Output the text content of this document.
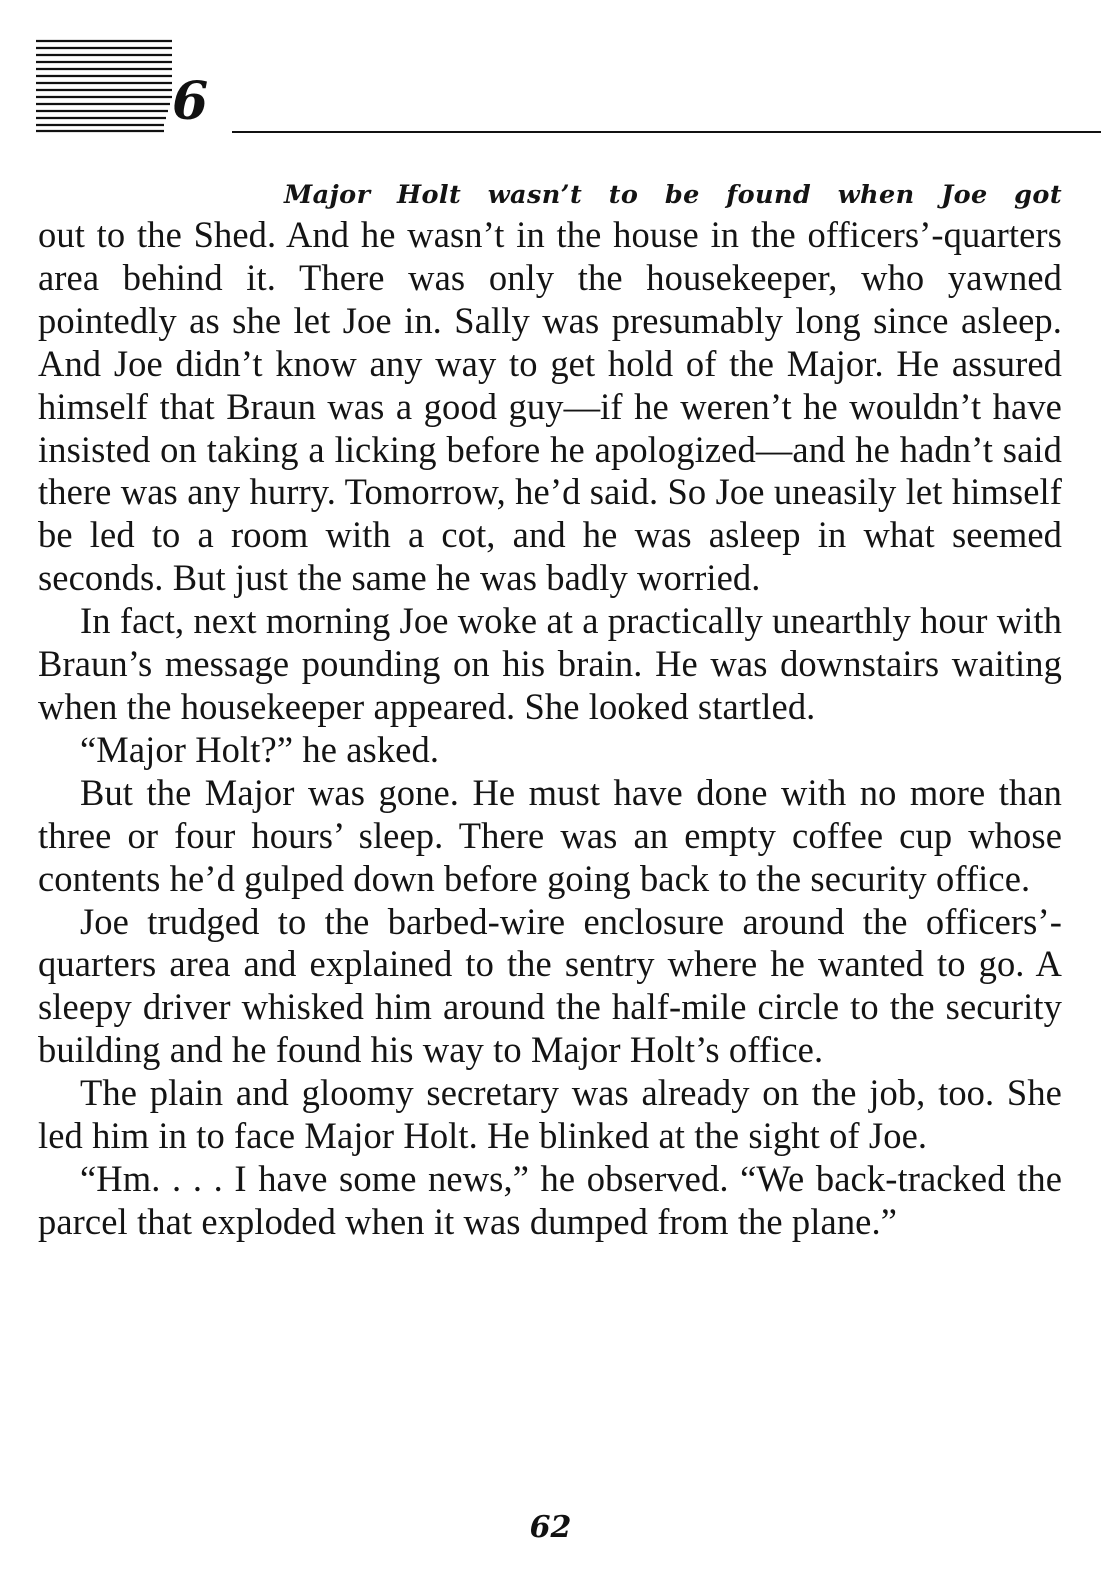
6

Major Holt wasn’t to be found when Joe got

out to the Shed. And he wasn’t in the house in the officers’-quarters area behind it. There was only the housekeeper, who yawned pointedly as she let Joe in. Sally was presumably long since asleep. And Joe didn’t know any way to get hold of the Major. He assured himself that Braun was a good guy—if he weren’t he wouldn’t have insisted on taking a licking before he apologized—and he hadn’t said there was any hurry. Tomorrow, he’d said. So Joe uneasily let himself be led to a room with a cot, and he was asleep in what seemed seconds. But just the same he was badly worried.

In fact, next morning Joe woke at a practically unearthly hour with Braun’s message pounding on his brain. He was downstairs waiting when the housekeeper appeared. She looked startled.

“Major Holt?” he asked.

But the Major was gone. He must have done with no more than three or four hours’ sleep. There was an empty coffee cup whose contents he’d gulped down before going back to the security office.

Joe trudged to the barbed-wire enclosure around the officers’-quarters area and explained to the sentry where he wanted to go. A sleepy driver whisked him around the half-mile circle to the security building and he found his way to Major Holt’s office.

The plain and gloomy secretary was already on the job, too. She led him in to face Major Holt. He blinked at the sight of Joe.

“Hm. . . . I have some news,” he observed. “We back-tracked the parcel that exploded when it was dumped from the plane.”

62
